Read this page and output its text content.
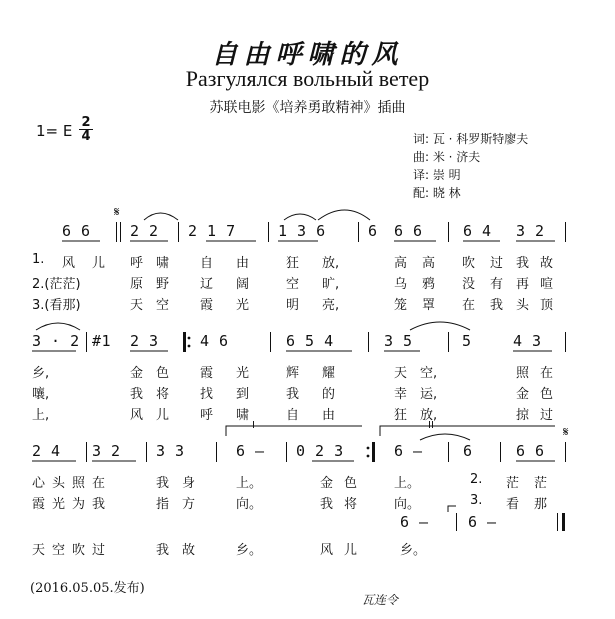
自由呼啸的风
Разгулялся вольный ветер
苏联电影《培养勇敢精神》插曲
1= E $\frac{2}{4}$	词: 瓦 · 科罗斯特廖夫
曲: 米 · 济夫
译: 崇 明
配: 晓 林
6 6	2 2 2 1 7	1 3 6	6 6 6	6 4 3 2
1. 风 儿 呼 啸 自 由	狂 放,	高 高 吹 过 我 故
2.(茫茫)	原 野 辽 阔	空 旷,	乌 鸦 没 有 再 喧
3.(看那)	天 空 霞 光	明 亮,	笼 罩 在 我 头 顶
3 · 2 #1 2 3	4 6	6 5 4	3 5	5	4 3
乡,	金 色 霞 光	辉 耀	天 空,	照 在
嚷,	我 将 找 到	我 的	幸 运,	金 色
上,	风 儿 呼 啸	自 由	狂 放,	掠 过
2 4 3 2 3 3	6 – 0 2 3	6 –	6	6 6
I	II
心 头 照 在	我 身	上。	金 色	上。	2. 茫 茫
霞 光 为 我	指 方	向。	我 将	向。	3. 看 那
6 –	6 –
天 空 吹 过	我 故	乡。	风 儿	乡。
𝄋
𝄋
(2016.05.05.发布)
瓦连令
